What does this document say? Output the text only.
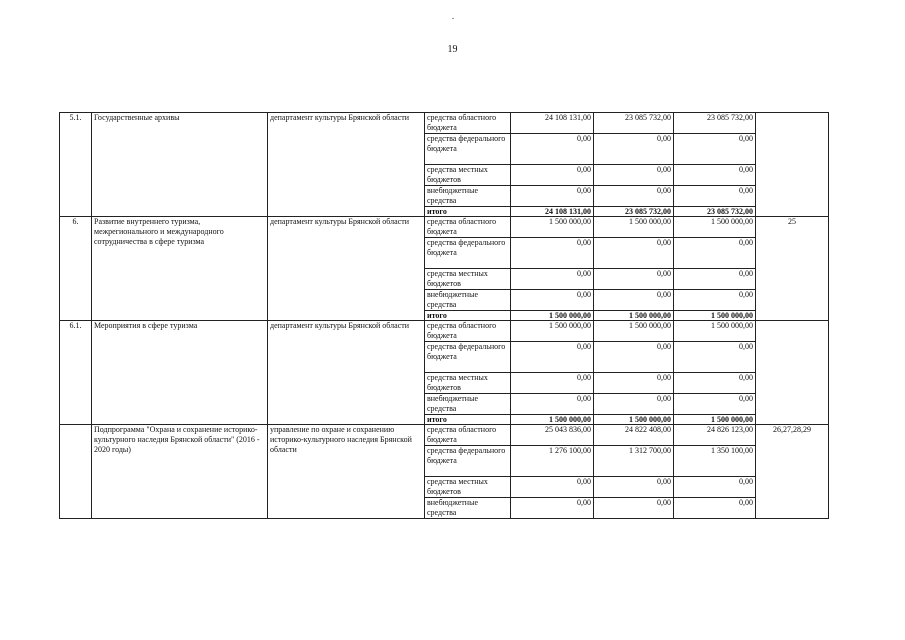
19
5.1.	Государственные архивы	департамент культуры Брянской области	средства областного бюджета	24 108 131,00	23 085 732,00	23 085 732,00	
			средства федерального бюджета	0,00	0,00	0,00	
			средства местных бюджетов	0,00	0,00	0,00	
			внебюджетные средства	0,00	0,00	0,00	
			итого	24 108 131,00	23 085 732,00	23 085 732,00	
6.	Развитие внутреннего туризма, межрегионального и международного сотрудничества в сфере туризма	департамент культуры Брянской области	средства областного бюджета	1 500 000,00	1 500 000,00	1 500 000,00	25
			средства федерального бюджета	0,00	0,00	0,00	
			средства местных бюджетов	0,00	0,00	0,00	
			внебюджетные средства	0,00	0,00	0,00	
			итого	1 500 000,00	1 500 000,00	1 500 000,00	
6.1.	Мероприятия в сфере туризма	департамент культуры Брянской области	средства областного бюджета	1 500 000,00	1 500 000,00	1 500 000,00	
			средства федерального бюджета	0,00	0,00	0,00	
			средства местных бюджетов	0,00	0,00	0,00	
			внебюджетные средства	0,00	0,00	0,00	
			итого	1 500 000,00	1 500 000,00	1 500 000,00	
	Подпрограмма "Охрана и сохранение историко-культурного наследия Брянской области" (2016 - 2020 годы)	управление по охране и сохранению историко-культурного наследия Брянской области	средства областного бюджета	25 043 836,00	24 822 408,00	24 826 123,00	26,27,28,29
			средства федерального бюджета	1 276 100,00	1 312 700,00	1 350 100,00	
			средства местных бюджетов	0,00	0,00	0,00	
			внебюджетные средства	0,00	0,00	0,00	
